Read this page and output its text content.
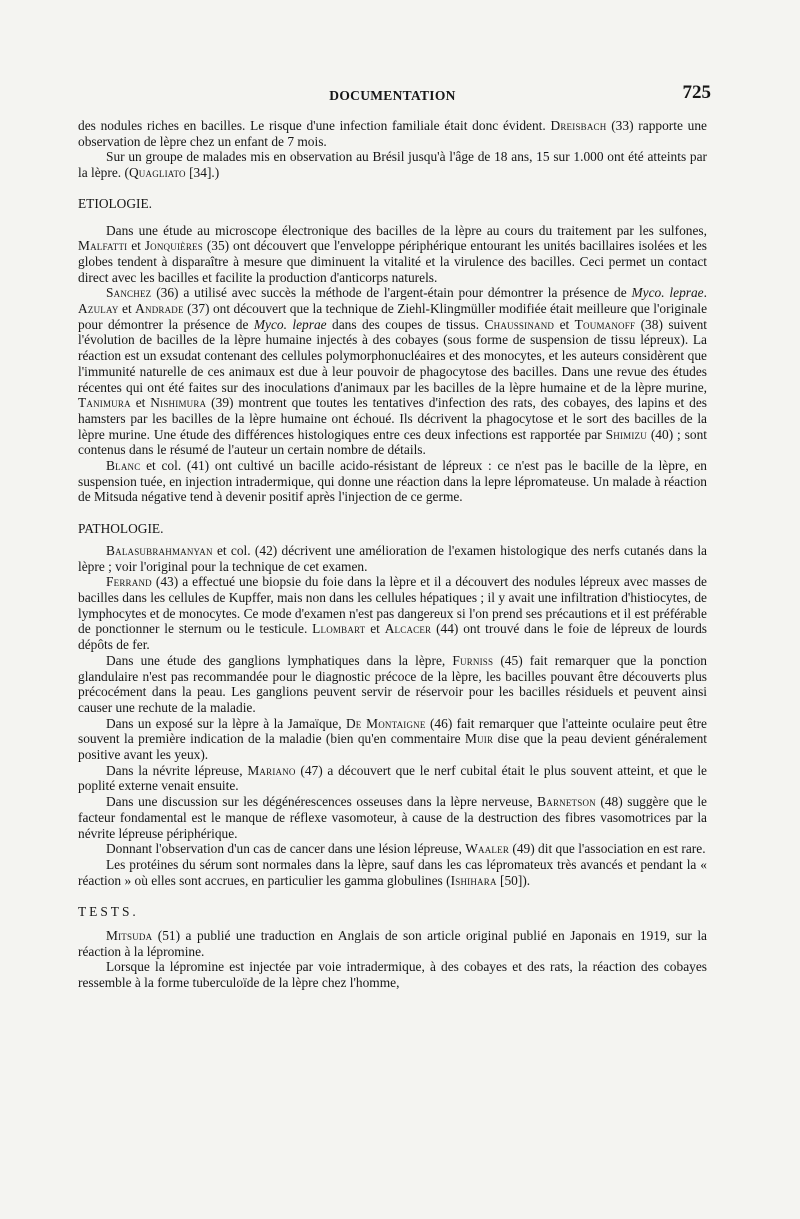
DOCUMENTATION	725

des nodules riches en bacilles. Le risque d'une infection familiale était donc évident. Dreisbach (33) rapporte une observation de lèpre chez un enfant de 7 mois.

Sur un groupe de malades mis en observation au Brésil jusqu'à l'âge de 18 ans, 15 sur 1.000 ont été atteints par la lèpre. (Quagliato [34].)

ETIOLOGIE.

Dans une étude au microscope électronique des bacilles de la lèpre au cours du traitement par les sulfones, Malfatti et Jonquières (35) ont découvert que l'enveloppe périphérique entourant les unités bacillaires isolées et les globes tendent à disparaître à mesure que diminuent la vitalité et la virulence des bacilles. Ceci permet un contact direct avec les bacilles et facilite la production d'anticorps naturels.

Sanchez (36) a utilisé avec succès la méthode de l'argent-étain pour démontrer la présence de Myco. leprae. Azulay et Andrade (37) ont découvert que la technique de Ziehl-Klingmüller modifiée était meilleure que l'originale pour démontrer la présence de Myco. leprae dans des coupes de tissus. Chaussinand et Toumanoff (38) suivent l'évolution de bacilles de la lèpre humaine injectés à des cobayes (sous forme de suspension de tissu lépreux). La réaction est un exsudat contenant des cellules polymorphonucléaires et des monocytes, et les auteurs considèrent que l'immunité naturelle de ces animaux est due à leur pouvoir de phagocytose des bacilles. Dans une revue des études récentes qui ont été faites sur des inoculations d'animaux par les bacilles de la lèpre humaine et de la lèpre murine, Tanimura et Nishimura (39) montrent que toutes les tentatives d'infection des rats, des cobayes, des lapins et des hamsters par les bacilles de la lèpre humaine ont échoué. Ils décrivent la phagocytose et le sort des bacilles de la lèpre murine. Une étude des différences histologiques entre ces deux infections est rapportée par Shimizu (40) ; sont contenus dans le résumé de l'auteur un certain nombre de détails.

Blanc et col. (41) ont cultivé un bacille acido-résistant de lépreux : ce n'est pas le bacille de la lèpre, en suspension tuée, en injection intradermique, qui donne une réaction dans la lepre lépromateuse. Un malade à réaction de Mitsuda négative tend à devenir positif après l'injection de ce germe.

PATHOLOGIE.

Balasubrahmanyan et col. (42) décrivent une amélioration de l'examen histologique des nerfs cutanés dans la lèpre ; voir l'original pour la technique de cet examen.

Ferrand (43) a effectué une biopsie du foie dans la lèpre et il a découvert des nodules lépreux avec masses de bacilles dans les cellules de Kupffer, mais non dans les cellules hépatiques ; il y avait une infiltration d'histiocytes, de lymphocytes et de monocytes. Ce mode d'examen n'est pas dangereux si l'on prend ses précautions et il est préférable de ponctionner le sternum ou le testicule. Llombart et Alcacer (44) ont trouvé dans le foie de lépreux de lourds dépôts de fer.

Dans une étude des ganglions lymphatiques dans la lèpre, Furniss (45) fait remarquer que la ponction glandulaire n'est pas recommandée pour le diagnostic précoce de la lèpre, les bacilles pouvant être découverts plus précocément dans la peau. Les ganglions peuvent servir de réservoir pour les bacilles résiduels et peuvent ainsi causer une rechute de la maladie.

Dans un exposé sur la lèpre à la Jamaïque, De Montaigne (46) fait remarquer que l'atteinte oculaire peut être souvent la première indication de la maladie (bien qu'en commentaire Muir dise que la peau devient généralement positive avant les yeux).

Dans la névrite lépreuse, Mariano (47) a découvert que le nerf cubital était le plus souvent atteint, et que le poplité externe venait ensuite.

Dans une discussion sur les dégénérescences osseuses dans la lèpre nerveuse, Barnetson (48) suggère que le facteur fondamental est le manque de réflexe vasomoteur, à cause de la destruction des fibres vasomotrices par la névrite lépreuse périphérique.

Donnant l'observation d'un cas de cancer dans une lésion lépreuse, Waaler (49) dit que l'association en est rare.

Les protéines du sérum sont normales dans la lèpre, sauf dans les cas lépromateux très avancés et pendant la « réaction » où elles sont accrues, en particulier les gamma globulines (Ishihara [50]).

TESTS.

Mitsuda (51) a publié une traduction en Anglais de son article original publié en Japonais en 1919, sur la réaction à la lépromine.

Lorsque la lépromine est injectée par voie intradermique, à des cobayes et des rats, la réaction des cobayes ressemble à la forme tuberculoïde de la lèpre chez l'homme,
